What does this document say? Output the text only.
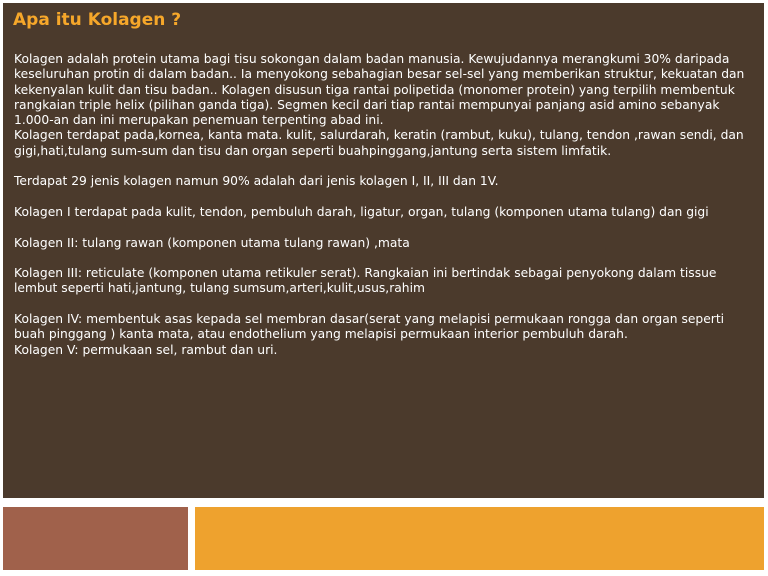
Apa itu Kolagen ?

Kolagen adalah protein utama bagi tisu sokongan dalam badan manusia. Kewujudannya merangkumi 30% daripada keseluruhan protin di dalam badan.. Ia menyokong sebahagian besar sel-sel yang memberikan struktur, kekuatan dan kekenyalan kulit dan tisu badan.. Kolagen disusun tiga rantai polipetida (monomer protein) yang terpilih membentuk rangkaian triple helix (pilihan ganda tiga). Segmen kecil dari tiap rantai mempunyai panjang asid amino sebanyak 1.000-an dan ini merupakan penemuan terpenting abad ini.

Kolagen terdapat pada,kornea, kanta mata. kulit, salurdarah, keratin (rambut, kuku), tulang, tendon ,rawan sendi, dan gigi,hati,tulang sum-sum dan tisu dan organ seperti buahpinggang,jantung serta sistem limfatik.

Terdapat 29 jenis kolagen namun 90% adalah dari jenis kolagen I, II, III dan 1V.

Kolagen I terdapat pada kulit, tendon, pembuluh darah, ligatur, organ, tulang (komponen utama tulang) dan gigi

Kolagen II: tulang rawan (komponen utama tulang rawan) ,mata

Kolagen III: reticulate (komponen utama retikuler serat). Rangkaian ini bertindak sebagai penyokong dalam tissue lembut seperti hati,jantung, tulang sumsum,arteri,kulit,usus,rahim

Kolagen IV: membentuk asas kepada sel membran dasar(serat yang melapisi permukaan rongga dan organ seperti buah pinggang ) kanta mata, atau endothelium yang melapisi permukaan interior pembuluh darah.

Kolagen V: permukaan sel, rambut dan uri.
